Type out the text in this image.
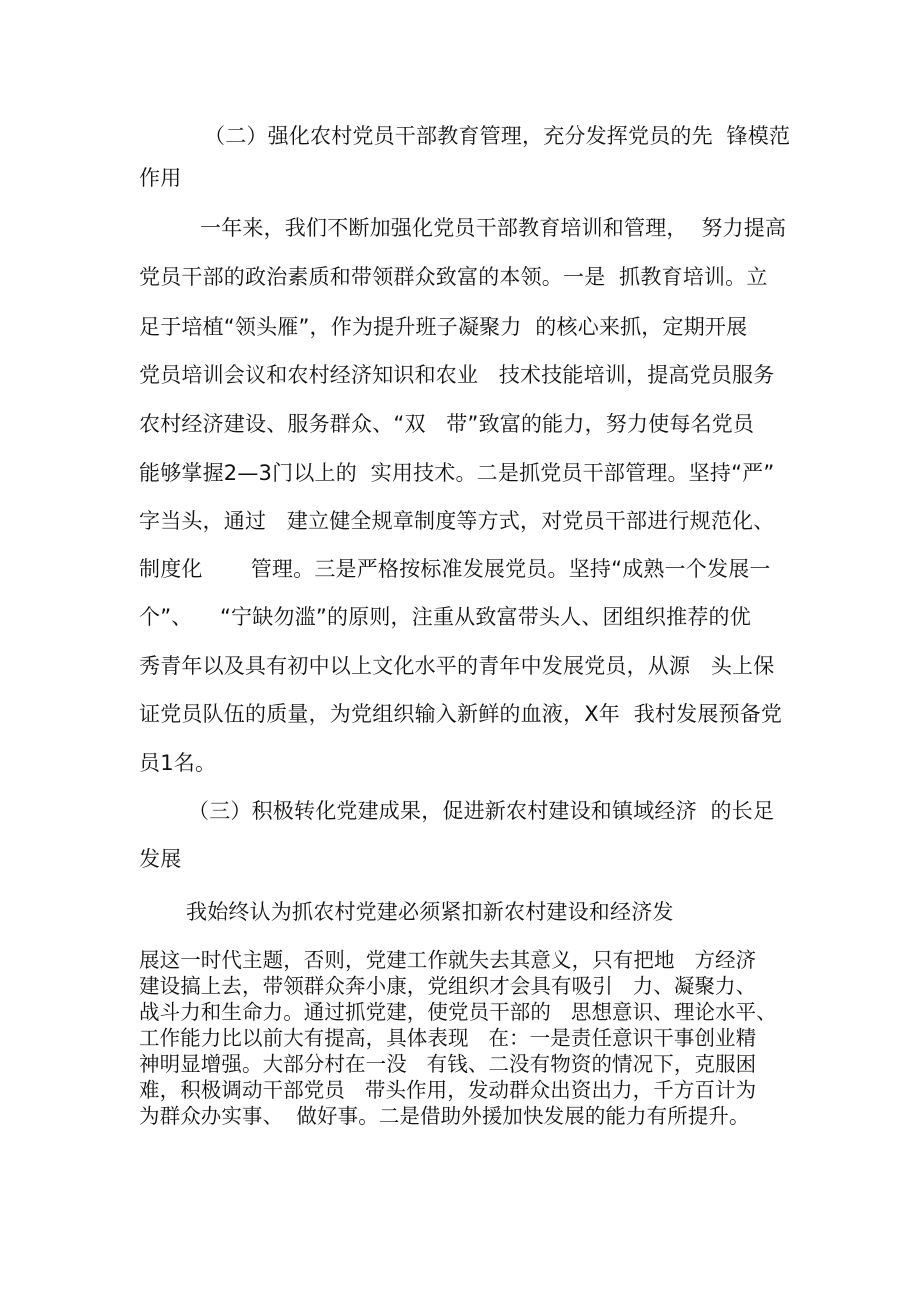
（二）强化农村党员干部教育管理，充分发挥党员的先  锋模范
作用
一年来，我们不断加强化党员干部教育培训和管理，  努力提高
党员干部的政治素质和带领群众致富的本领。一是  抓教育培训。立
足于培植“领头雁”，作为提升班子凝聚力  的核心来抓，定期开展
党员培训会议和农村经济知识和农业   技术技能培训，提高党员服务
农村经济建设、服务群众、“双   带”致富的能力，努力使每名党员
能够掌握2—3门以上的  实用技术。二是抓党员干部管理。坚持“严”
字当头，通过   建立健全规章制度等方式，对党员干部进行规范化、
制度化       管理。三是严格按标准发展党员。坚持“成熟一个发展一
个”、    “宁缺勿滥”的原则，注重从致富带头人、团组织推荐的优
秀青年以及具有初中以上文化水平的青年中发展党员，从源   头上保
证党员队伍的质量，为党组织输入新鲜的血液，X年  我村发展预备党
员1名。
（三）积极转化党建成果，促进新农村建设和镇域经济  的长足
发展
我始终认为抓农村党建必须紧扣新农村建设和经济发
展这一时代主题，否则，党建工作就失去其意义，只有把地   方经济
建设搞上去，带领群众奔小康，党组织才会具有吸引   力、凝聚力、
战斗力和生命力。通过抓党建，使党员干部的   思想意识、理论水平、
工作能力比以前大有提高，具体表现   在：一是责任意识干事创业精
神明显增强。大部分村在一没   有钱、二没有物资的情况下，克服困
难，积极调动干部党员   带头作用，发动群众出资出力，千方百计为
为群众办实事、  做好事。二是借助外援加快发展的能力有所提升。
